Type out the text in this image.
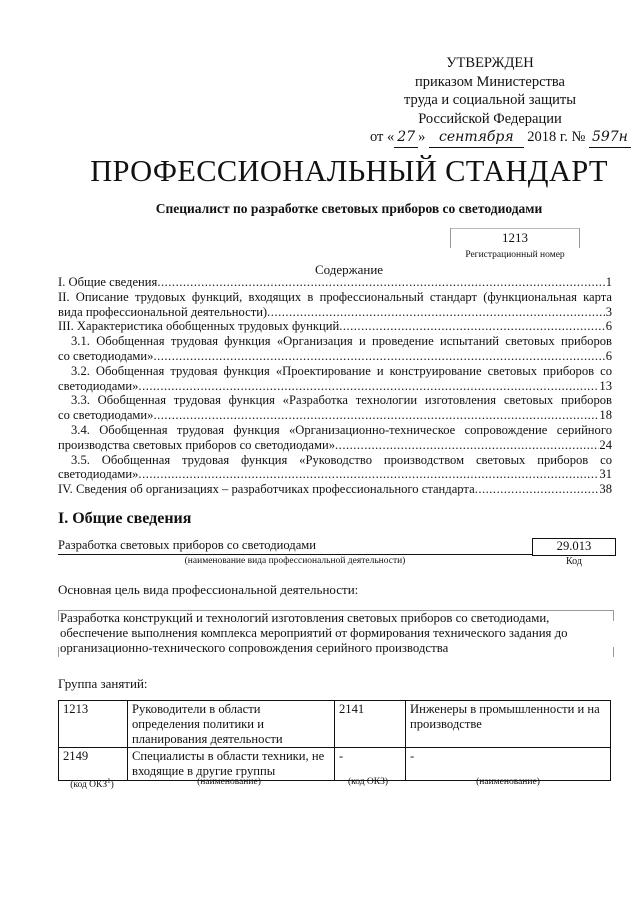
УТВЕРЖДЕН
приказом Министерства
труда и социальной защиты
Российской Федерации
от « 27 » сентября 2018 г. № 597н
ПРОФЕССИОНАЛЬНЫЙ СТАНДАРТ
Специалист по разработке световых приборов со светодиодами
1213
Регистрационный номер
Содержание
I. Общие сведения .....	1
II. Описание трудовых функций, входящих в профессиональный стандарт (функциональная карта
вида профессиональной деятельности) .....	3
III. Характеристика обобщенных трудовых функций .....	6
3.1. Обобщенная трудовая функция «Организация и проведение испытаний световых приборов
со светодиодами» .....	6
3.2. Обобщенная трудовая функция «Проектирование и конструирование световых приборов со
светодиодами» .....	13
3.3. Обобщенная трудовая функция «Разработка технологии изготовления световых приборов
со светодиодами» .....	18
3.4. Обобщенная трудовая функция «Организационно-техническое сопровождение серийного
производства световых приборов со светодиодами» .....	24
3.5. Обобщенная трудовая функция «Руководство производством световых приборов со
светодиодами» .....	31
IV. Сведения об организациях – разработчиках профессионального стандарта .....	38
I. Общие сведения
Разработка световых приборов со светодиодами	29.013
(наименование вида профессиональной деятельности)	Код
Основная цель вида профессиональной деятельности:
Разработка конструкций и технологий изготовления световых приборов со светодиодами,
обеспечение выполнения комплекса мероприятий от формирования технического задания до
организационно-технического сопровождения серийного производства
Группа занятий:
1213	Руководители в области определения политики и планирования деятельности	2141	Инженеры в промышленности и на производстве
2149	Специалисты в области техники, не входящие в другие группы	-	-
(код ОКЗ$^1$)	(наименование)	(код ОКЗ)	(наименование)
